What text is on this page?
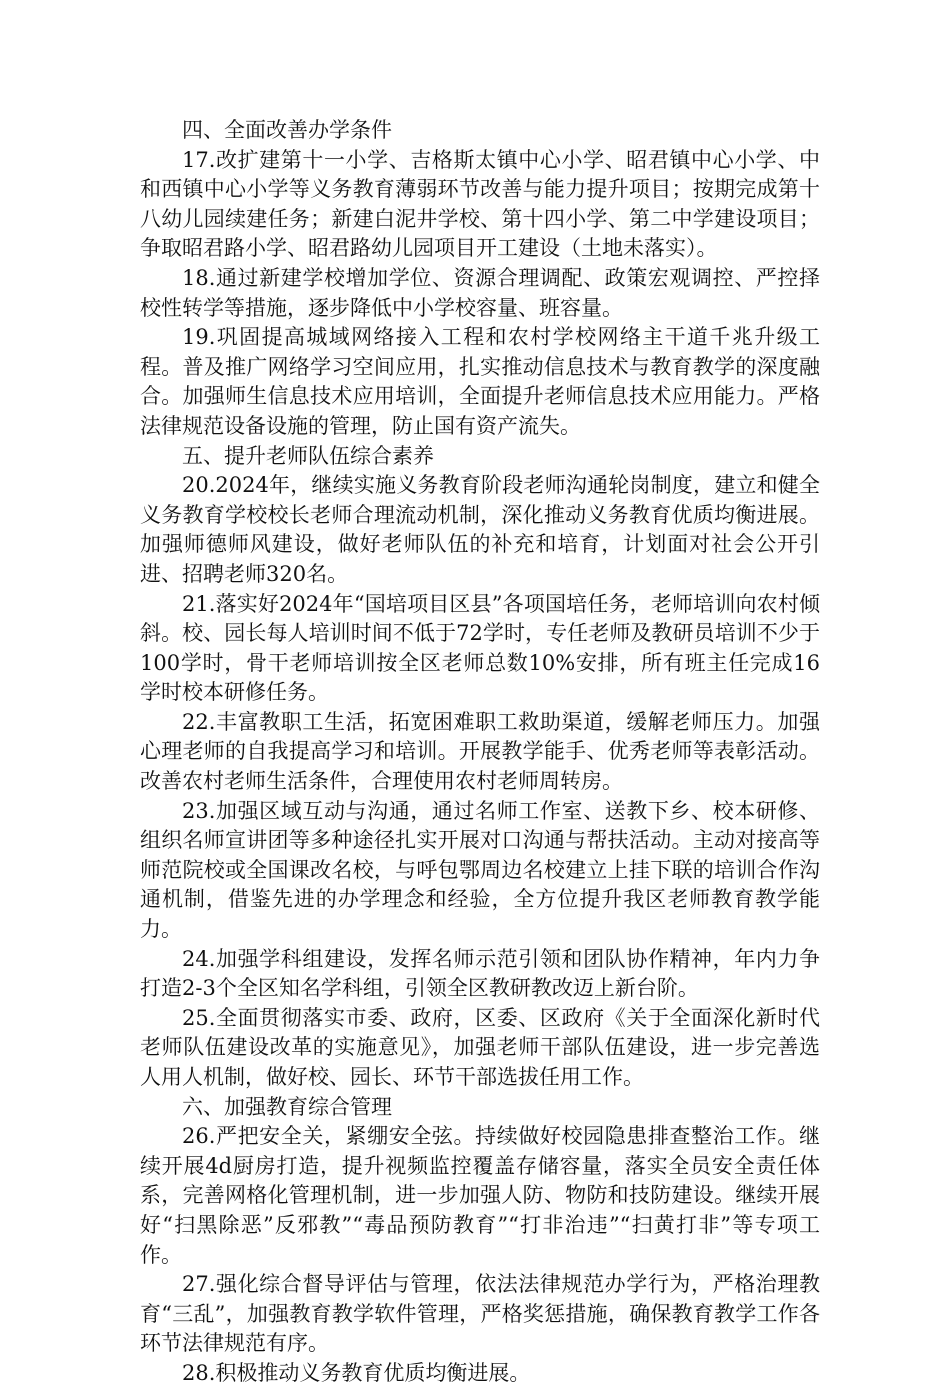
四、全面改善办学条件

17.改扩建第十一小学、吉格斯太镇中心小学、昭君镇中心小学、中和西镇中心小学等义务教育薄弱环节改善与能力提升项目；按期完成第十八幼儿园续建任务；新建白泥井学校、第十四小学、第二中学建设项目；争取昭君路小学、昭君路幼儿园项目开工建设（土地未落实）。

18.通过新建学校增加学位、资源合理调配、政策宏观调控、严控择校性转学等措施，逐步降低中小学校容量、班容量。

19.巩固提高城域网络接入工程和农村学校网络主干道千兆升级工程。普及推广网络学习空间应用，扎实推动信息技术与教育教学的深度融合。加强师生信息技术应用培训，全面提升老师信息技术应用能力。严格法律规范设备设施的管理，防止国有资产流失。

五、提升老师队伍综合素养

20.2024年，继续实施义务教育阶段老师沟通轮岗制度，建立和健全义务教育学校校长老师合理流动机制，深化推动义务教育优质均衡进展。加强师德师风建设，做好老师队伍的补充和培育，计划面对社会公开引进、招聘老师320名。

21.落实好2024年“国培项目区县”各项国培任务，老师培训向农村倾斜。校、园长每人培训时间不低于72学时，专任老师及教研员培训不少于100学时，骨干老师培训按全区老师总数10%安排，所有班主任完成16学时校本研修任务。

22.丰富教职工生活，拓宽困难职工救助渠道，缓解老师压力。加强心理老师的自我提高学习和培训。开展教学能手、优秀老师等表彰活动。改善农村老师生活条件，合理使用农村老师周转房。

23.加强区域互动与沟通，通过名师工作室、送教下乡、校本研修、组织名师宣讲团等多种途径扎实开展对口沟通与帮扶活动。主动对接高等师范院校或全国课改名校，与呼包鄂周边名校建立上挂下联的培训合作沟通机制，借鉴先进的办学理念和经验，全方位提升我区老师教育教学能力。

24.加强学科组建设，发挥名师示范引领和团队协作精神，年内力争打造2-3个全区知名学科组，引领全区教研教改迈上新台阶。

25.全面贯彻落实市委、政府，区委、区政府《关于全面深化新时代老师队伍建设改革的实施意见》，加强老师干部队伍建设，进一步完善选人用人机制，做好校、园长、环节干部选拔任用工作。

六、加强教育综合管理

26.严把安全关，紧绷安全弦。持续做好校园隐患排查整治工作。继续开展4d厨房打造，提升视频监控覆盖存储容量，落实全员安全责任体系，完善网格化管理机制，进一步加强人防、物防和技防建设。继续开展好“扫黑除恶”反邪教”“毒品预防教育”“打非治违”“扫黄打非”等专项工作。

27.强化综合督导评估与管理，依法法律规范办学行为，严格治理教育“三乱”，加强教育教学软件管理，严格奖惩措施，确保教育教学工作各环节法律规范有序。

28.积极推动义务教育优质均衡进展。
